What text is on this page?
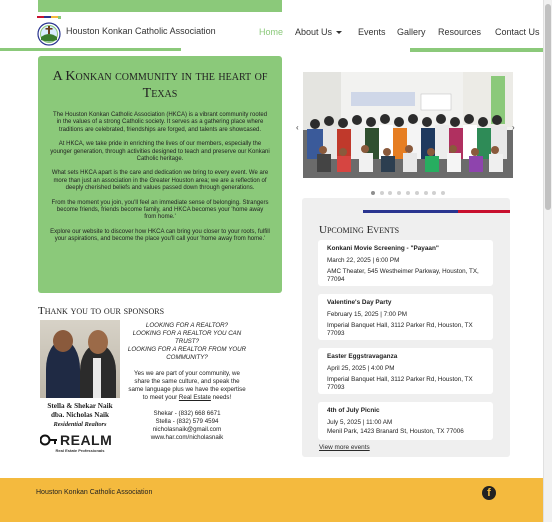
Houston Konkan Catholic Association	Home About Us	Events Gallery Resources Contact Us
A Konkan community in the heart of Texas

The Houston Konkan Catholic Association (HKCA) is a vibrant community rooted in the values of a strong Catholic society. It serves as a gathering place where traditions are celebrated, friendships are forged, and talents are showcased.

At HKCA, we take pride in enriching the lives of our members, especially the younger generation, through activities designed to teach and preserve our Konkani Catholic heritage.

What sets HKCA apart is the care and dedication we bring to every event. We are more than just an association in the Greater Houston area; we are a reflection of deeply cherished beliefs and values passed down through generations.

From the moment you join, you'll feel an immediate sense of belonging. Strangers become friends, friends become family, and HKCA becomes your 'home away from home.'

Explore our website to discover how HKCA can bring you closer to your roots, fulfill your aspirations, and become the place you'll call your 'home away from home.'

Thank you to our sponsors
Stella & Shekar Naik
dba. Nicholas Naik
Residential Realtors
REALM
Real Estate Professionals
LOOKING FOR A REALTOR?
LOOKING FOR A REALTOR YOU CAN TRUST?
LOOKING FOR A REALTOR FROM YOUR COMMUNITY?
Yes we are part of your community, we share the same culture, and speak the same language plus we have the expertise to meet your Real Estate needs!
Shekar - (832) 668 6671
Stella - (832) 579 4594
nicholasnaik@gmail.com
www.har.com/nicholasnaik
‹	›
Upcoming Events
Konkani Movie Screening - "Payaan"
March 22, 2025 | 6:00 PM
AMC Theater, 545 Westheimer Parkway, Houston, TX, 77094
Valentine's Day Party
February 15, 2025 | 7:00 PM
Imperial Banquet Hall, 3112 Parker Rd, Houston, TX 77093
Easter Eggstravaganza
April 25, 2025 | 4:00 PM
Imperial Banquet Hall, 3112 Parker Rd, Houston, TX 77093
4th of July Picnic
July 5, 2025 | 11:00 AM
Menil Park, 1423 Branard St, Houston, TX 77006
View more events
Houston Konkan Catholic Association	f
